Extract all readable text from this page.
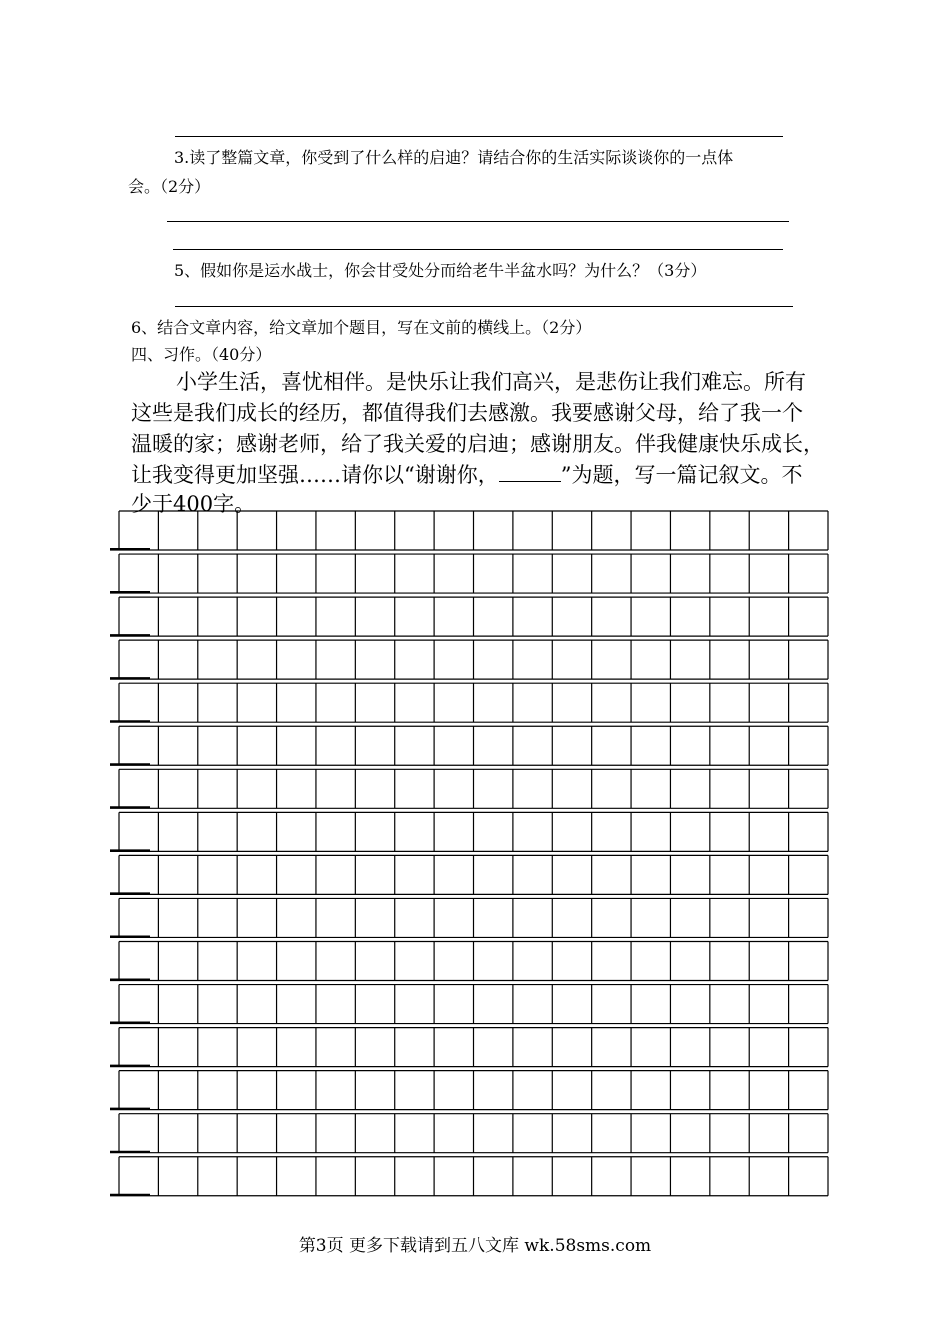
3.读了整篇文章，你受到了什么样的启迪？请结合你的生活实际谈谈你的一点体
会。（2分）
5、假如你是运水战士，你会甘受处分而给老牛半盆水吗？为什么？（3分）
6、结合文章内容，给文章加个题目，写在文前的横线上。（2分）
四、习作。（40分）
小学生活，喜忧相伴。是快乐让我们高兴，是悲伤让我们难忘。所有
这些是我们成长的经历，都值得我们去感激。我要感谢父母，给了我一个
温暖的家；感谢老师，给了我关爱的启迪；感谢朋友。伴我健康快乐成长，
让我变得更加坚强……请你以“谢谢你，	”为题，写一篇记叙文。不
少于400字。
第3页 更多下载请到五八文库 wk.58sms.com
